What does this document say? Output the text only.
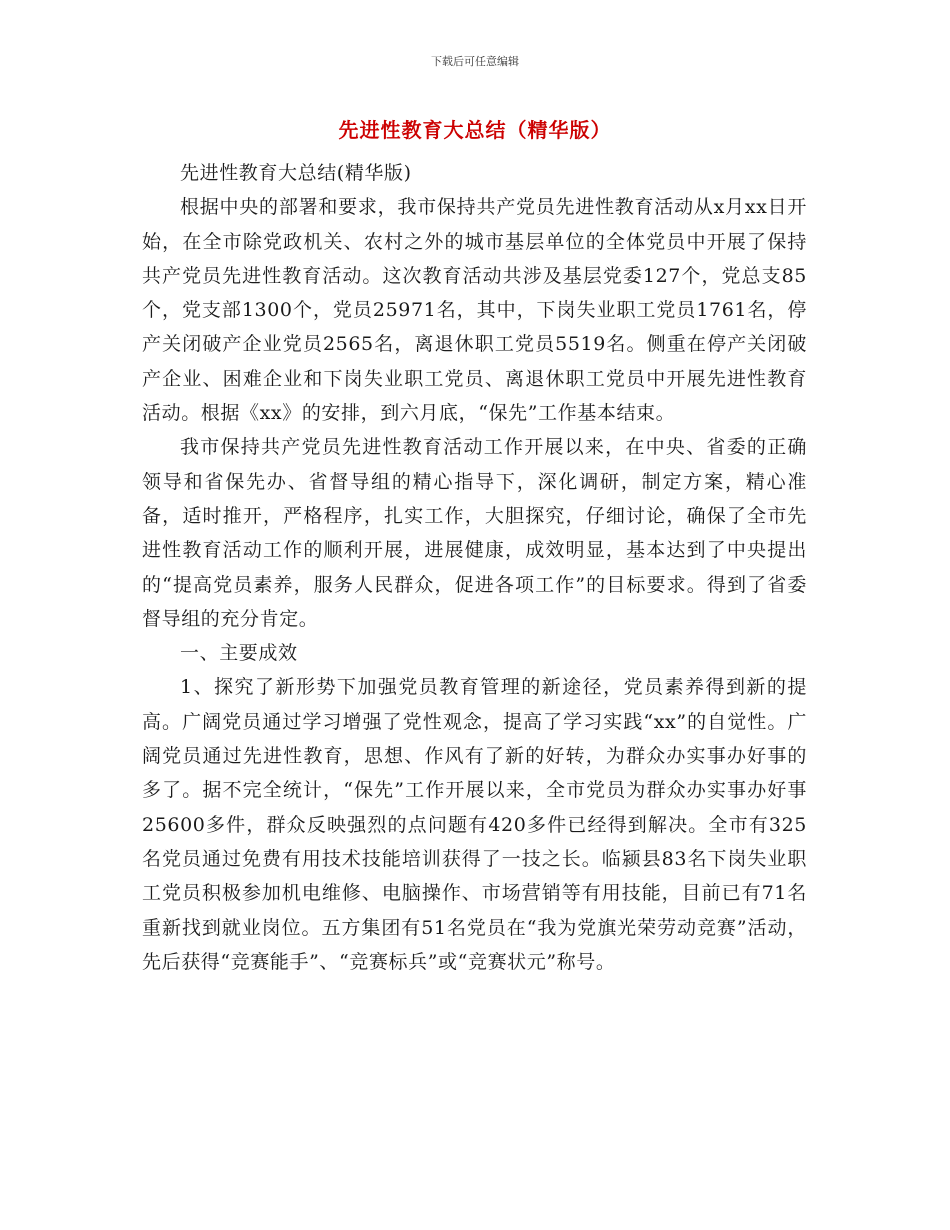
下载后可任意编辑
先进性教育大总结（精华版）

先进性教育大总结(精华版)

根据中央的部署和要求，我市保持共产党员先进性教育活动从x月xx日开始，在全市除党政机关、农村之外的城市基层单位的全体党员中开展了保持共产党员先进性教育活动。这次教育活动共涉及基层党委127个，党总支85个，党支部1300个，党员25971名，其中，下岗失业职工党员1761名，停产关闭破产企业党员2565名，离退休职工党员5519名。侧重在停产关闭破产企业、困难企业和下岗失业职工党员、离退休职工党员中开展先进性教育活动。根据《xx》的安排，到六月底，“保先”工作基本结束。

我市保持共产党员先进性教育活动工作开展以来，在中央、省委的正确领导和省保先办、省督导组的精心指导下，深化调研，制定方案，精心准备，适时推开，严格程序，扎实工作，大胆探究，仔细讨论，确保了全市先进性教育活动工作的顺利开展，进展健康，成效明显，基本达到了中央提出的“提高党员素养，服务人民群众，促进各项工作”的目标要求。得到了省委督导组的充分肯定。

一、主要成效

1、探究了新形势下加强党员教育管理的新途径，党员素养得到新的提高。广阔党员通过学习增强了党性观念，提高了学习实践“xx”的自觉性。广阔党员通过先进性教育，思想、作风有了新的好转，为群众办实事办好事的多了。据不完全统计，“保先”工作开展以来，全市党员为群众办实事办好事25600多件，群众反映强烈的点问题有420多件已经得到解决。全市有325名党员通过免费有用技术技能培训获得了一技之长。临颍县83名下岗失业职工党员积极参加机电维修、电脑操作、市场营销等有用技能，目前已有71名重新找到就业岗位。五方集团有51名党员在“我为党旗光荣劳动竞赛”活动，先后获得“竞赛能手”、“竞赛标兵”或“竞赛状元”称号。
